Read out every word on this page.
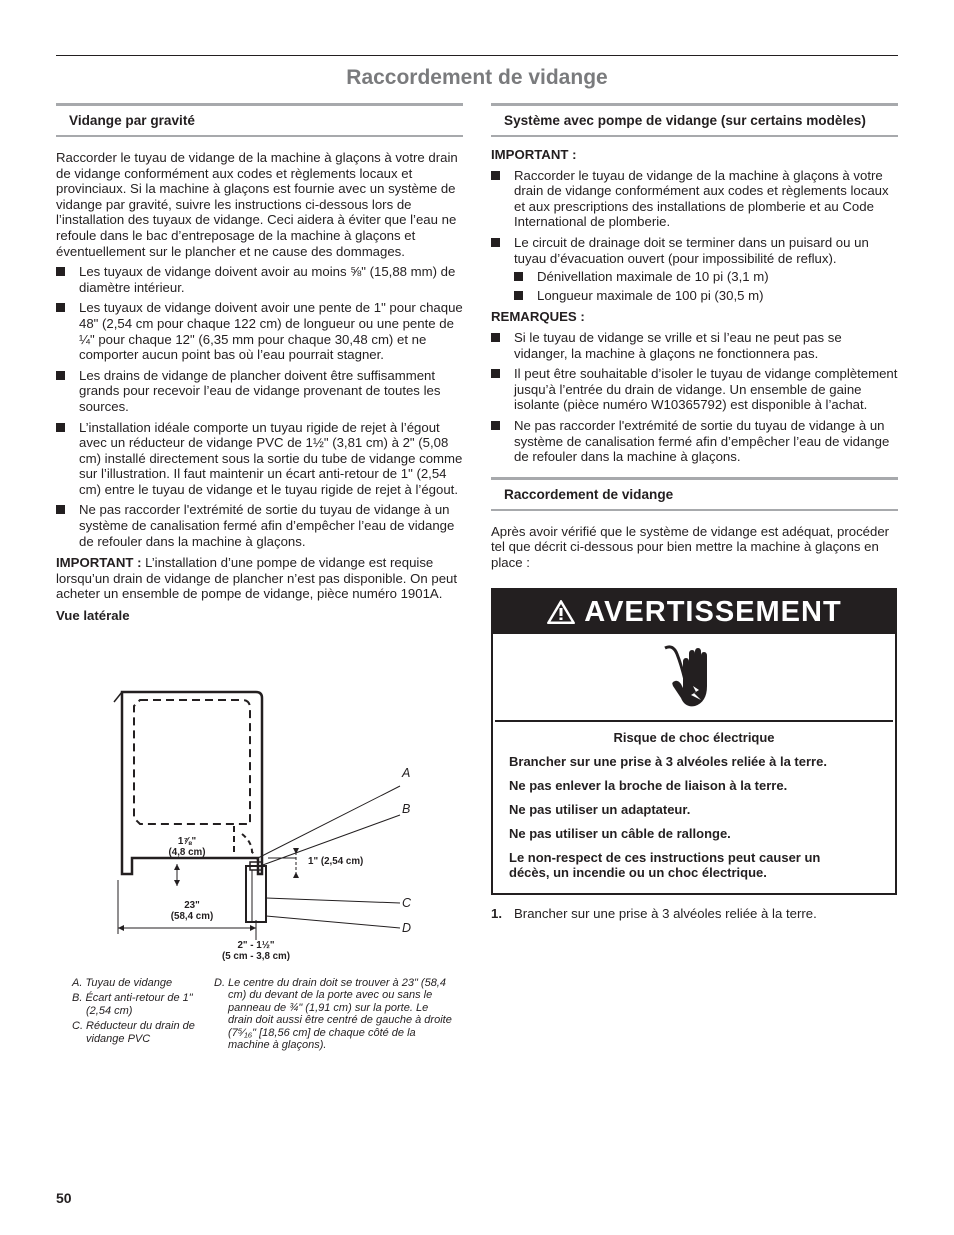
Raccordement de vidange
Vidange par gravité

Raccorder le tuyau de vidange de la machine à glaçons à votre drain de vidange conformément aux codes et règlements locaux et provinciaux. Si la machine à glaçons est fournie avec un système de vidange par gravité, suivre les instructions ci-dessous lors de l’installation des tuyaux de vidange. Ceci aidera à éviter que l’eau ne refoule dans le bac d’entreposage de la machine à glaçons et éventuellement sur le plancher et ne cause des dommages.

Les tuyaux de vidange doivent avoir au moins ⅝" (15,88 mm) de diamètre intérieur.
Les tuyaux de vidange doivent avoir une pente de 1" pour chaque 48" (2,54 cm pour chaque 122 cm) de longueur ou une pente de ¼" pour chaque 12" (6,35 mm pour chaque 30,48 cm) et ne comporter aucun point bas où l’eau pourrait stagner.
Les drains de vidange de plancher doivent être suffisamment grands pour recevoir l’eau de vidange provenant de toutes les sources.
L’installation idéale comporte un tuyau rigide de rejet à l’égout avec un réducteur de vidange PVC de 1½" (3,81 cm) à 2" (5,08 cm) installé directement sous la sortie du tube de vidange comme sur l’illustration. Il faut maintenir un écart anti-retour de 1" (2,54 cm) entre le tuyau de vidange et le tuyau rigide de rejet à l’égout.
Ne pas raccorder l'extrémité de sortie du tuyau de vidange à un système de canalisation fermé afin d’empêcher l’eau de vidange de refouler dans la machine à glaçons.

IMPORTANT : L’installation d’une pompe de vidange est requise lorsqu’un drain de vidange de plancher n’est pas disponible. On peut acheter un ensemble de pompe de vidange, pièce numéro 1901A.

Vue latérale

1⅞"
(4,8 cm)
1" (2,54 cm)
23"
(58,4 cm)
2" - 1½"
(5 cm - 3,8 cm)
A
B
C
D
A. Tuyau de vidange
B. Écart anti-retour de 1" (2,54 cm)
C. Réducteur du drain de vidange PVC
D. Le centre du drain doit se trouver à 23" (58,4 cm) du devant de la porte avec ou sans le panneau de ¾" (1,91 cm) sur la porte. Le drain doit aussi être centré de gauche à droite (7⁵⁄₁₆" [18,56 cm] de chaque côté de la machine à glaçons).
Système avec pompe de vidange (sur certains modèles)

IMPORTANT :

Raccorder le tuyau de vidange de la machine à glaçons à votre drain de vidange conformément aux codes et règlements locaux et aux prescriptions des installations de plomberie et au Code International de plomberie.
Le circuit de drainage doit se terminer dans un puisard ou un tuyau d’évacuation ouvert (pour impossibilité de reflux).
Dénivellation maximale de 10 pi (3,1 m)
Longueur maximale de 100 pi (30,5 m)

REMARQUES :

Si le tuyau de vidange se vrille et si l’eau ne peut pas se vidanger, la machine à glaçons ne fonctionnera pas.
Il peut être souhaitable d’isoler le tuyau de vidange complètement jusqu’à l’entrée du drain de vidange. Un ensemble de gaine isolante (pièce numéro W10365792) est disponible à l’achat.
Ne pas raccorder l'extrémité de sortie du tuyau de vidange à un système de canalisation fermé afin d’empêcher l’eau de vidange de refouler dans la machine à glaçons.
Raccordement de vidange

Après avoir vérifié que le système de vidange est adéquat, procéder tel que décrit ci-dessous pour bien mettre la machine à glaçons en place :

AVERTISSEMENT
Risque de choc électrique
Brancher sur une prise à 3 alvéoles reliée à la terre.
Ne pas enlever la broche de liaison à la terre.
Ne pas utiliser un adaptateur.
Ne pas utiliser un câble de rallonge.
Le non-respect de ces instructions peut causer un décès, un incendie ou un choc électrique.
1. Brancher sur une prise à 3 alvéoles reliée à la terre.
50
